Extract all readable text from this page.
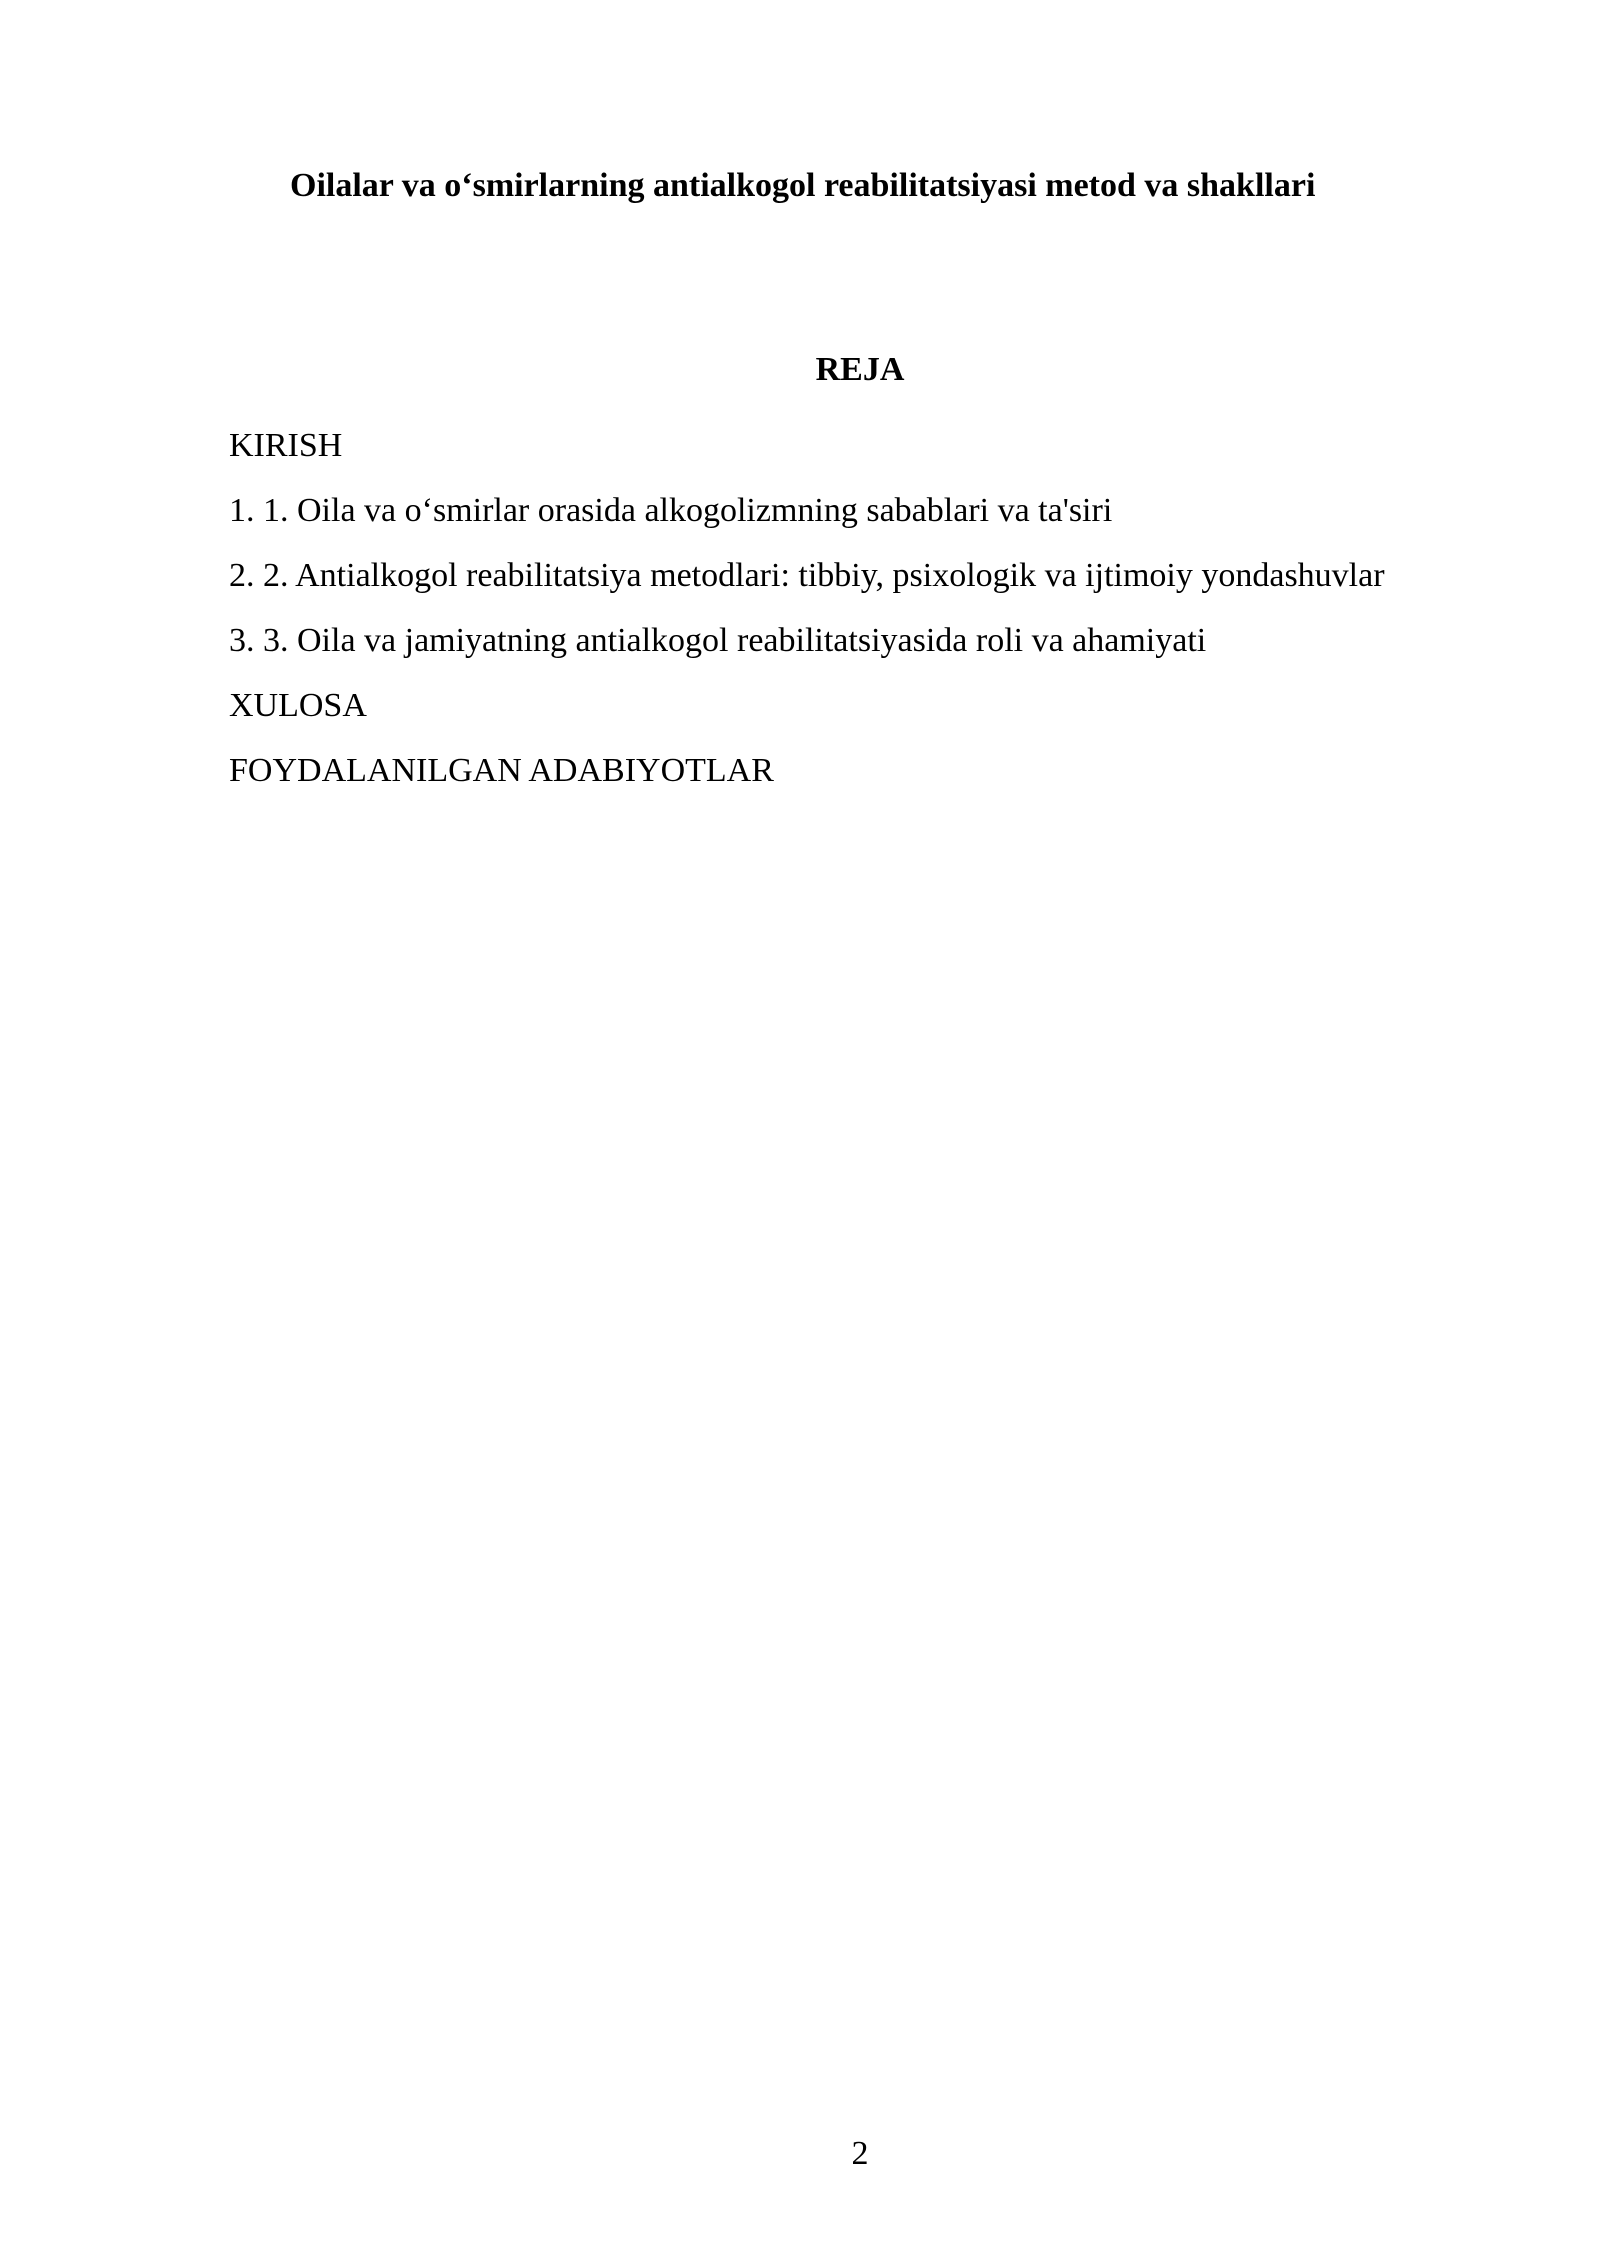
Oilalar va o‘smirlarning antialkogol reabilitatsiyasi metod va shakllari
REJA
KIRISH
1. 1. Oila va o‘smirlar orasida alkogolizmning sabablari va ta'siri
2. 2. Antialkogol reabilitatsiya metodlari: tibbiy, psixologik va ijtimoiy yondashuvlar
3. 3. Oila va jamiyatning antialkogol reabilitatsiyasida roli va ahamiyati
XULOSA
FOYDALANILGAN ADABIYOTLAR
2
